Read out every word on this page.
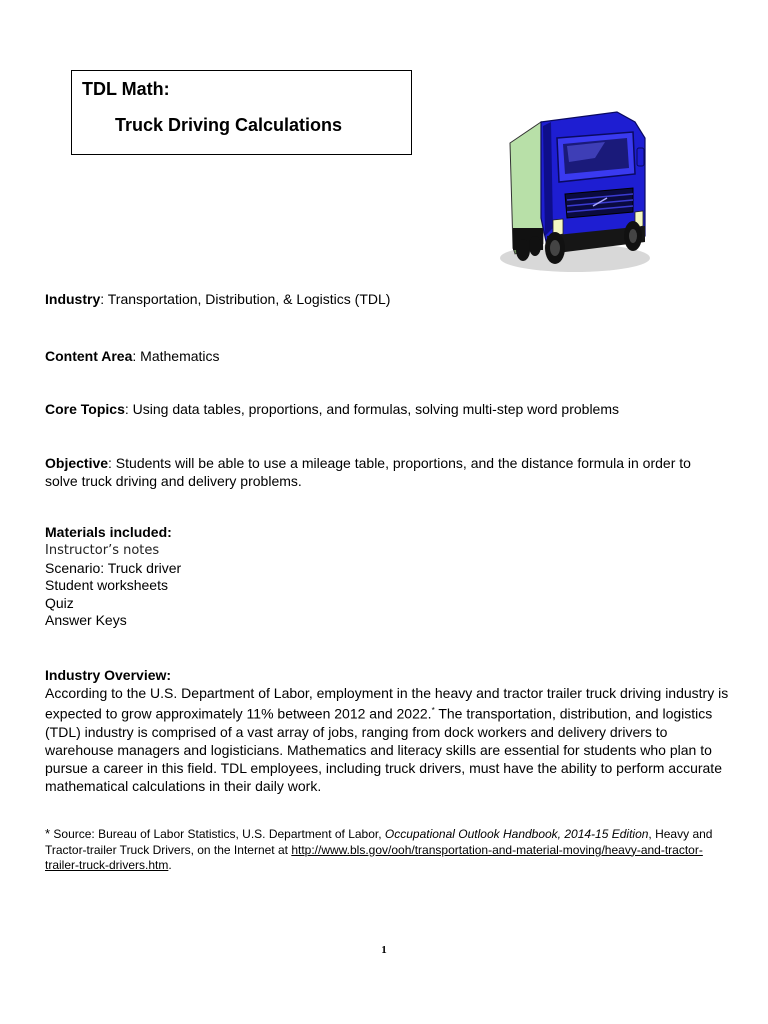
TDL Math:

Truck Driving Calculations

Industry: Transportation, Distribution, & Logistics (TDL)

Content Area: Mathematics

Core Topics: Using data tables, proportions, and formulas, solving multi-step word problems

Objective: Students will be able to use a mileage table, proportions, and the distance formula in order to solve truck driving and delivery problems.

Materials included:

Instructor’s notes
Scenario: Truck driver
Student worksheets
Quiz
Answer Keys

Industry Overview:

According to the U.S. Department of Labor, employment in the heavy and tractor trailer truck driving industry is expected to grow approximately 11% between 2012 and 2022.* The transportation, distribution, and logistics (TDL) industry is comprised of a vast array of jobs, ranging from dock workers and delivery drivers to warehouse managers and logisticians. Mathematics and literacy skills are essential for students who plan to pursue a career in this field. TDL employees, including truck drivers, must have the ability to perform accurate mathematical calculations in their daily work.

* Source: Bureau of Labor Statistics, U.S. Department of Labor, Occupational Outlook Handbook, 2014-15 Edition, Heavy and Tractor-trailer Truck Drivers, on the Internet at http://www.bls.gov/ooh/transportation-and-material-moving/heavy-and-tractor-trailer-truck-drivers.htm.

1
